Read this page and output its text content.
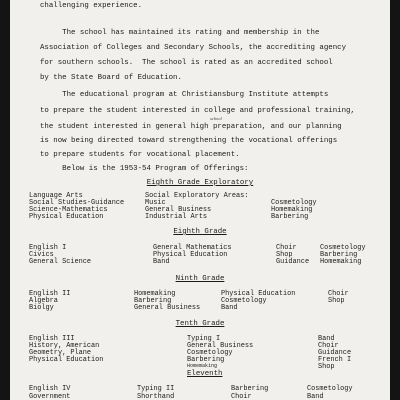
challenging experience.
The school has maintained its rating and membership in the
Association of Colleges and Secondary Schools, the accrediting agency
for southern schools.  The school is rated as an accredited school
by the State Board of Education.
The educational program at Christiansburg Institute attempts
to prepare the student interested in college and professional training,
school
the student interested in general high preparation, and our planning
is now being directed toward strengthening the vocational offerings
to prepare students for vocational placement.
Below is the 1953-54 Program of Offerings:
Eighth Grade Exploratory
Language Arts	Social Exploratory Areas:
Social Studies-Guidance	Music	Cosmetology
Science-Mathematics	General Business	Homemaking
Physical Education	Industrial Arts	Barbering
Eighth Grade
English I	General Mathematics	Choir	Cosmetology
Civics	Physical Education	Shop	Barbering
General Science	Band	Guidance Homemaking
Ninth Grade
English II	Homemaking	Physical Education	Choir
Algebra	Barbering	Cosmetology	Shop
Biolgy	General Business	Band
Tenth Grade
English III	Typing I	Band
History, American	General Business	Choir
Geometry, Plane	Cosmetology	Guidance
Physical Education	Barbering	French I
Homemaking	Shop
Eleventh
English IV	Typing II	Barbering	Cosmetology
Government	Shorthand	Choir	Band
